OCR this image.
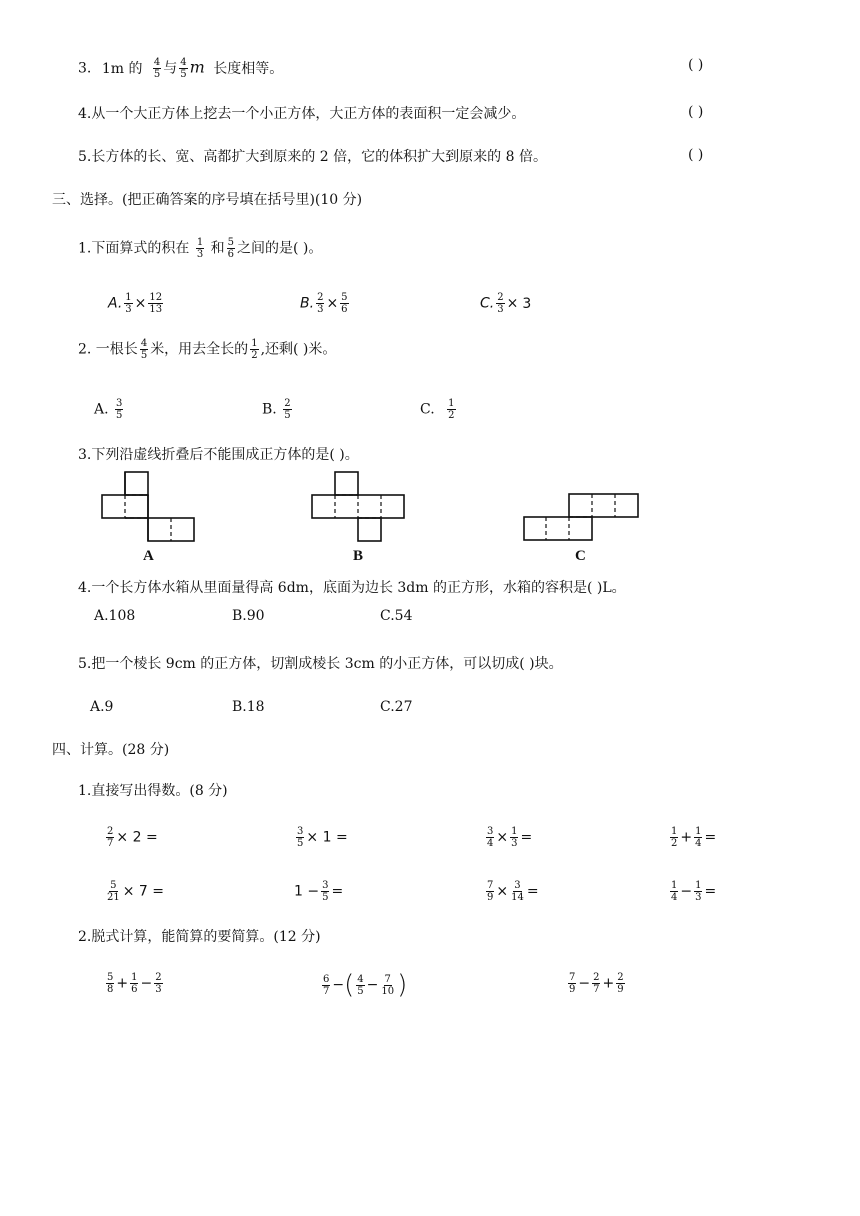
3. 1m 的 $\frac{4}{5}$ 与 $\frac{4}{5}$ m 长度相等。	( )
4.从一个大正方体上挖去一个小正方体，大正方体的表面积一定会减少。	( )
5.长方体的长、宽、高都扩大到原来的 2 倍，它的体积扩大到原来的 8 倍。	( )
三、选择。(把正确答案的序号填在括号里)(10 分)
1.下面算式的积在 $\frac{1}{3}$ 和 $\frac{5}{6}$ 之间的是( )。
A. $\frac{1}{3} \times \frac{12}{13}$	B. $\frac{2}{3} \times \frac{5}{6}$	C. $\frac{2}{3} \times 3$
2. 一根长 $\frac{4}{5}$ 米，用去全长的 $\frac{1}{2}$ ,还剩( )米。
A. $\frac{3}{5}$	B. $\frac{2}{5}$	C. $\frac{1}{2}$
3.下列沿虚线折叠后不能围成正方体的是( )。
A	B	C
4.一个长方体水箱从里面量得高 6dm，底面为边长 3dm 的正方形，水箱的容积是( )L。
A.108	B.90	C.54
5.把一个棱长 9cm 的正方体，切割成棱长 3cm 的小正方体，可以切成( )块。
A.9	B.18	C.27
四、计算。(28 分)
1.直接写出得数。(8 分)
$\frac{2}{7} \times 2$ =	$\frac{3}{5} \times 1$ =	$\frac{3}{4} \times \frac{1}{3}$ =	$\frac{1}{2} + \frac{1}{4}$ =
$\frac{5}{21} \times 7$ =	$1 - \frac{3}{5}$ =	$\frac{7}{9} \times \frac{3}{14}$ =	$\frac{1}{4} - \frac{1}{3}$ =
2.脱式计算，能简算的要简算。(12 分)
$\frac{5}{8} + \frac{1}{6} - \frac{2}{3}$	$\frac{6}{7}$ −( $\frac{4}{5} - \frac{7}{10}$ )	$\frac{7}{9} - \frac{2}{7} + \frac{2}{9}$
